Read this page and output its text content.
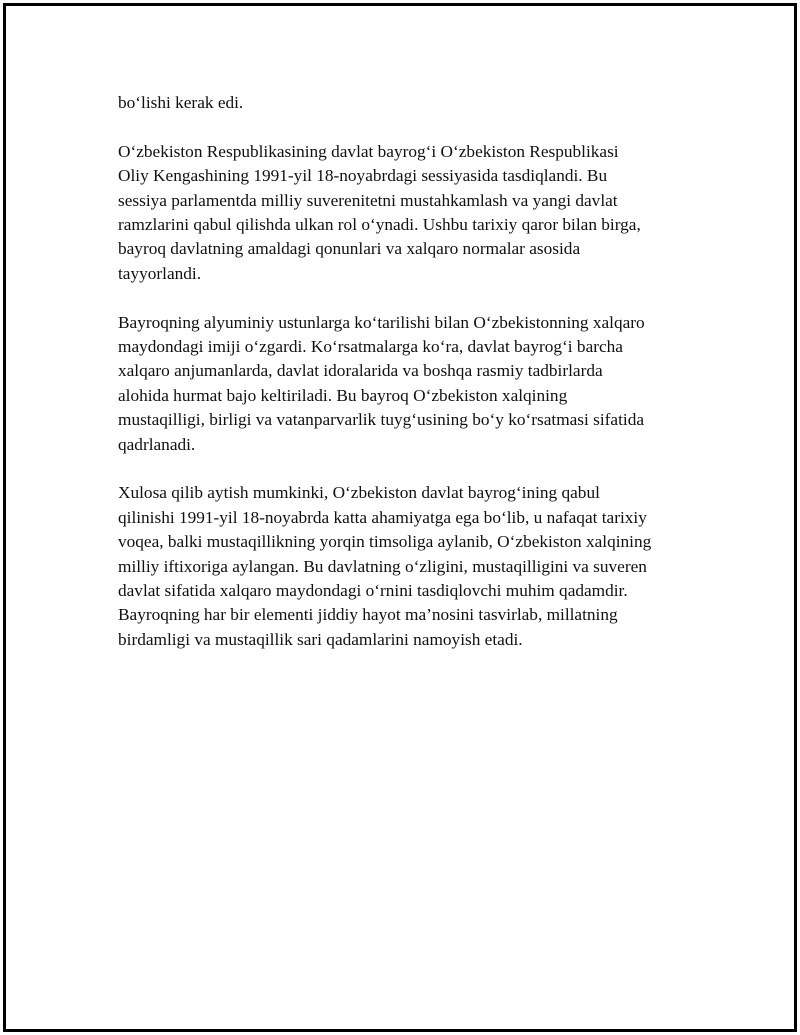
bo‘lishi kerak edi.

O‘zbekiston Respublikasining davlat bayrog‘i O‘zbekiston Respublikasi
Oliy Kengashining 1991-yil 18-noyabrdagi sessiyasida tasdiqlandi. Bu
sessiya parlamentda milliy suverenitetni mustahkamlash va yangi davlat
ramzlarini qabul qilishda ulkan rol o‘ynadi. Ushbu tarixiy qaror bilan birga,
bayroq davlatning amaldagi qonunlari va xalqaro normalar asosida
tayyorlandi.

Bayroqning alyuminiy ustunlarga ko‘tarilishi bilan O‘zbekistonning xalqaro
maydondagi imiji o‘zgardi. Ko‘rsatmalarga ko‘ra, davlat bayrog‘i barcha
xalqaro anjumanlarda, davlat idoralarida va boshqa rasmiy tadbirlarda
alohida hurmat bajo keltiriladi. Bu bayroq O‘zbekiston xalqining
mustaqilligi, birligi va vatanparvarlik tuyg‘usining bo‘y ko‘rsatmasi sifatida
qadrlanadi.

Xulosa qilib aytish mumkinki, O‘zbekiston davlat bayrog‘ining qabul
qilinishi 1991-yil 18-noyabrda katta ahamiyatga ega bo‘lib, u nafaqat tarixiy
voqea, balki mustaqillikning yorqin timsoliga aylanib, O‘zbekiston xalqining
milliy iftixoriga aylangan. Bu davlatning o‘zligini, mustaqilligini va suveren
davlat sifatida xalqaro maydondagi o‘rnini tasdiqlovchi muhim qadamdir.
Bayroqning har bir elementi jiddiy hayot ma’nosini tasvirlab, millatning
birdamligi va mustaqillik sari qadamlarini namoyish etadi.
